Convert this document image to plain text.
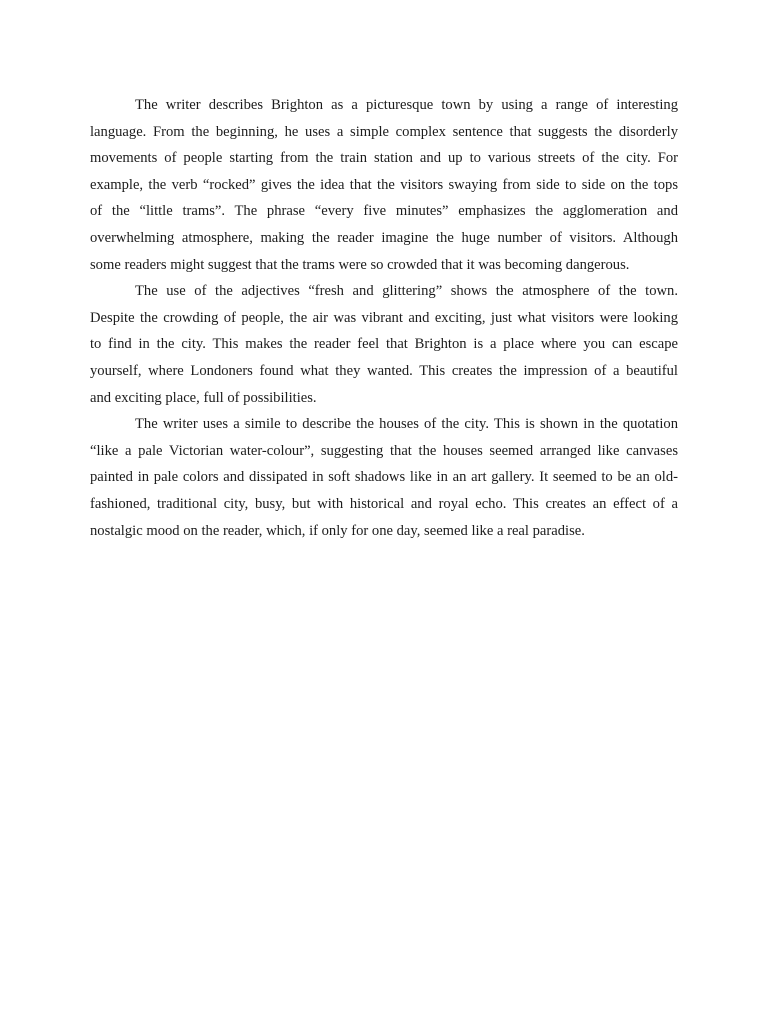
The writer describes Brighton as a picturesque town by using a range of interesting
language. From the beginning, he uses a simple complex sentence that suggests the disorderly
movements of people starting from the train station and up to various streets of the city. For
example, the verb “rocked” gives the idea that the visitors swaying from side to side on the tops
of the “little trams”. The phrase “every five minutes” emphasizes the agglomeration and
overwhelming atmosphere, making the reader imagine the huge number of visitors. Although
some readers might suggest that the trams were so crowded that it was becoming dangerous.

The use of the adjectives “fresh and glittering” shows the atmosphere of the town.
Despite the crowding of people, the air was vibrant and exciting, just what visitors were looking
to find in the city. This makes the reader feel that Brighton is a place where you can escape
yourself, where Londoners found what they wanted. This creates the impression of a beautiful
and exciting place, full of possibilities.

The writer uses a simile to describe the houses of the city. This is shown in the quotation
“like a pale Victorian water-colour”, suggesting that the houses seemed arranged like canvases
painted in pale colors and dissipated in soft shadows like in an art gallery. It seemed to be an old-
fashioned, traditional city, busy, but with historical and royal echo. This creates an effect of a
nostalgic mood on the reader, which, if only for one day, seemed like a real paradise.
